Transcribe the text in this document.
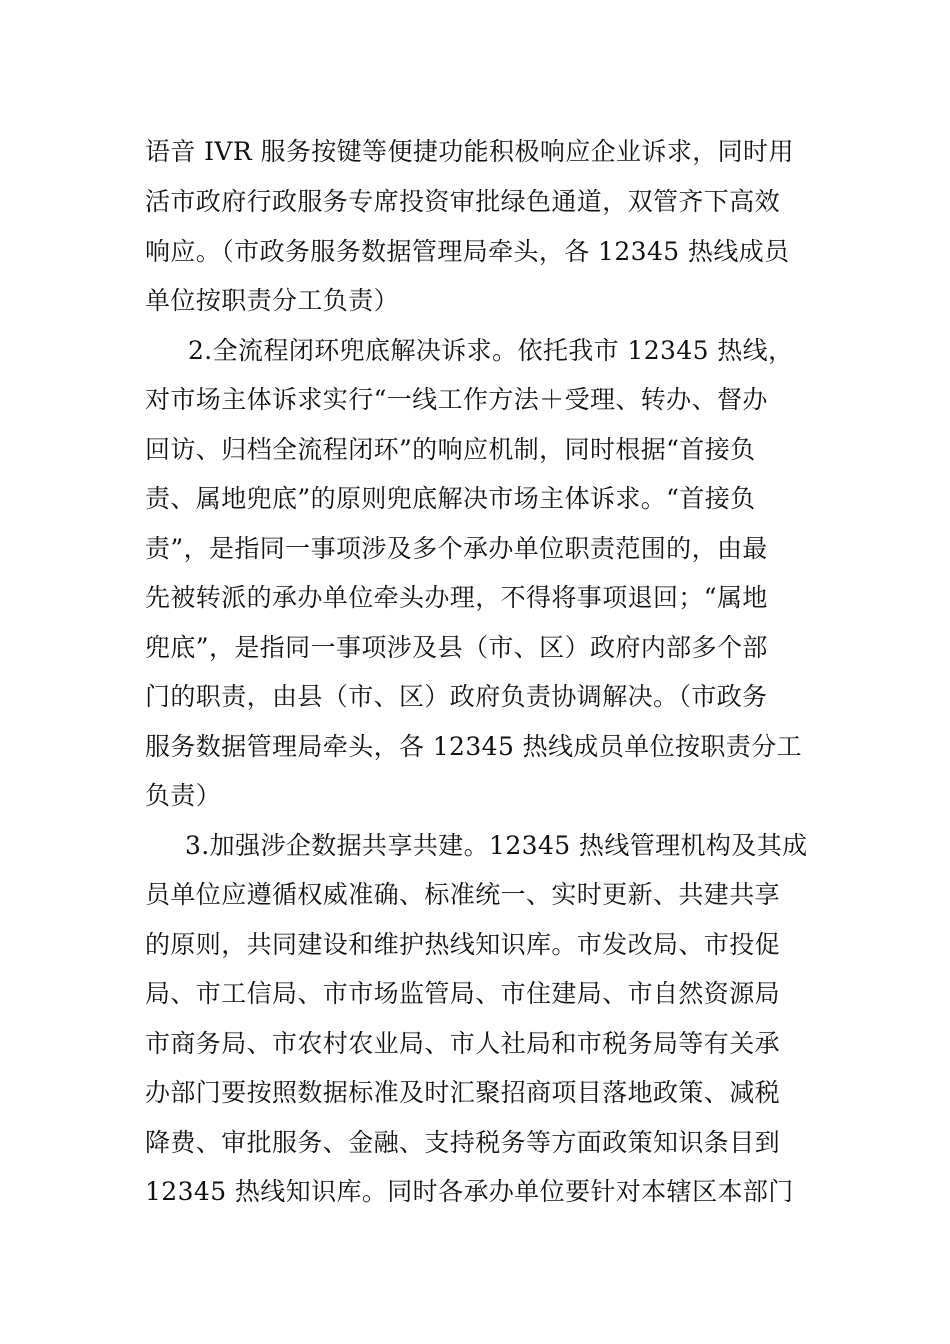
语音 IVR 服务按键等便捷功能积极响应企业诉求，同时用
活市政府行政服务专席投资审批绿色通道，双管齐下高效
响应。（市政务服务数据管理局牵头，各 12345 热线成员
单位按职责分工负责）
2.全流程闭环兜底解决诉求。依托我市 12345 热线，
对市场主体诉求实行“一线工作方法＋受理、转办、督办
回访、归档全流程闭环”的响应机制，同时根据“首接负
责、属地兜底”的原则兜底解决市场主体诉求。“首接负
责”，是指同一事项涉及多个承办单位职责范围的，由最
先被转派的承办单位牵头办理，不得将事项退回；“属地
兜底”，是指同一事项涉及县（市、区）政府内部多个部
门的职责，由县（市、区）政府负责协调解决。（市政务
服务数据管理局牵头，各 12345 热线成员单位按职责分工
负责）
3.加强涉企数据共享共建。12345 热线管理机构及其成
员单位应遵循权威准确、标准统一、实时更新、共建共享
的原则，共同建设和维护热线知识库。市发改局、市投促
局、市工信局、市市场监管局、市住建局、市自然资源局
市商务局、市农村农业局、市人社局和市税务局等有关承
办部门要按照数据标准及时汇聚招商项目落地政策、减税
降费、审批服务、金融、支持税务等方面政策知识条目到
12345 热线知识库。同时各承办单位要针对本辖区本部门
